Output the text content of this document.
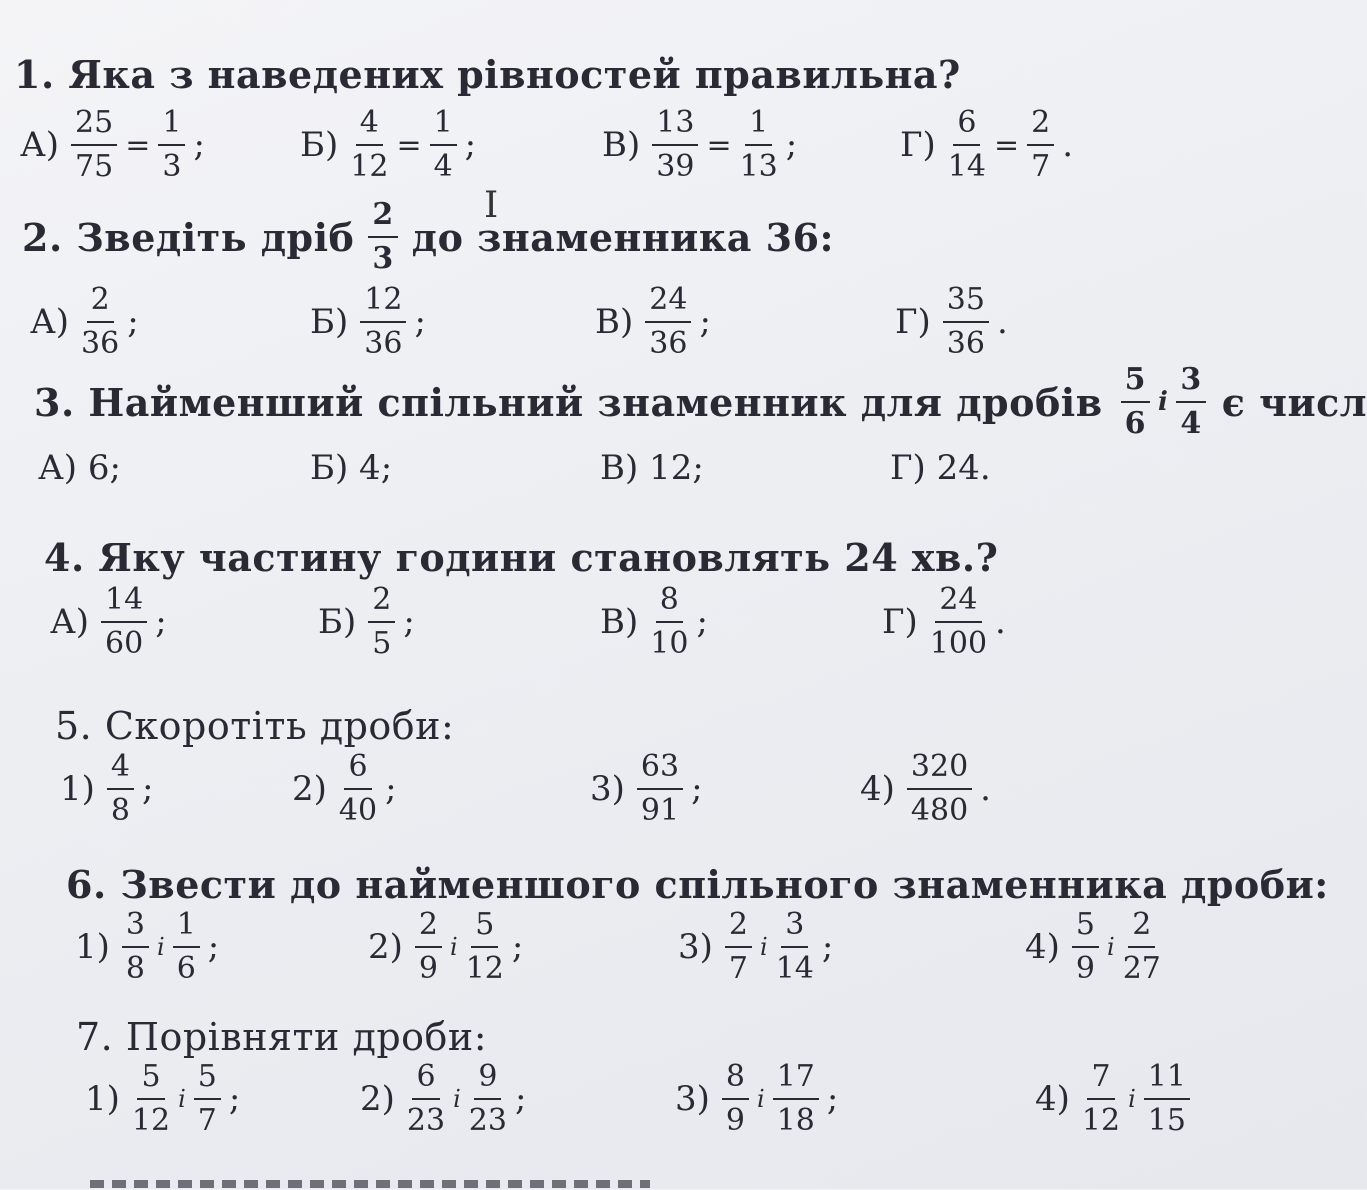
1. Яка з наведених рівностей правильна?
$А) \frac{25}{75} = \frac{1}{3}$ ;	$Б) \frac{4}{12} = \frac{1}{4}$ ;	$В) \frac{13}{39} = \frac{1}{13}$ ;	$Г) \frac{6}{14} = \frac{2}{7}$ .
I
2. Зведіть дріб 2
3 до знаменника 36:
А)
2
36
;	Б)
12
36
;	В)
24
36
;	Г)
35
36
.
3. Найменший спільний знаменник для дробів 5
6
і
3
4 є числ
А) 6;	Б) 4;	В) 12;	Г) 24.
4. Яку частину години становлять 24 хв.?
А)
14
60
;	Б)
2
5
;	В)
8
10
;	Г)
24
100
.
5. Скоротіть дроби:
1)
4
8
;	2)
6
40
;	3)
63
91
;	4)
320
480
.
6. Звести до найменшого спільного знаменника дроби:
1)
3
8
і
1
6
;	2)
2
9
і
5
12
;	3)
2
7
і
3
14
;	4)
5
9
і
2
27
7. Порівняти дроби:
1)
5
12
і
5
7
;	2)
6
23
і
9
23
;	3)
8
9
і
17
18
;	4)
7
12
і
11
15
